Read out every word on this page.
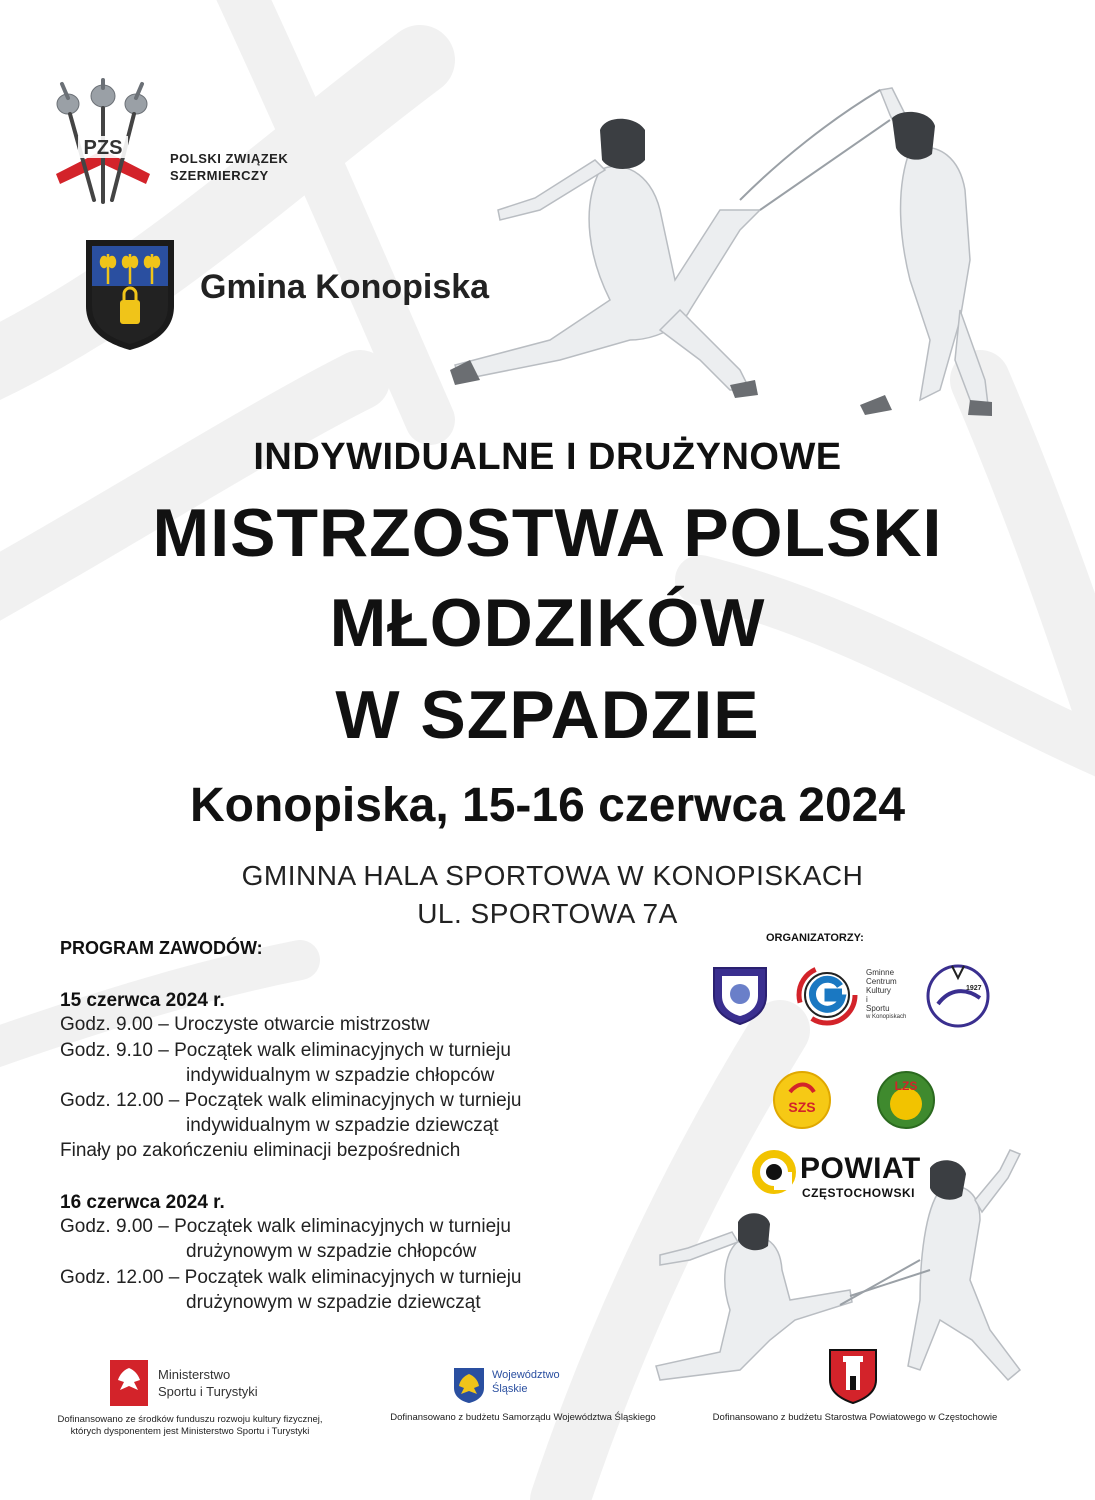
PZS	POLSKI ZWIĄZEK
SZERMIERCZY
Gmina Konopiska
INDYWIDUALNE I DRUŻYNOWE
MISTRZOSTWA POLSKI
MŁODZIKÓW
W SZPADZIE
Konopiska, 15-16 czerwca 2024
GMINNA HALA SPORTOWA W KONOPISKACH
UL. SPORTOWA 7A
PROGRAM ZAWODÓW:
15 czerwca 2024 r.
Godz. 9.00 – Uroczyste otwarcie mistrzostw
Godz. 9.10 – Początek walk eliminacyjnych w turnieju
indywidualnym w szpadzie chłopców
Godz. 12.00 – Początek walk eliminacyjnych w turnieju
indywidualnym w szpadzie dziewcząt
Finały po zakończeniu eliminacji bezpośrednich
16 czerwca 2024 r.
Godz. 9.00 – Początek walk eliminacyjnych w turnieju
drużynowym w szpadzie chłopców
Godz. 12.00 – Początek walk eliminacyjnych w turnieju
drużynowym w szpadzie dziewcząt
ORGANIZATORZY:
Gminne
Centrum
Kultury
i
Sportu
w Konopiskach
1927
SZS
LZS
POWIAT
CZĘSTOCHOWSKI
Ministerstwo
Sportu i Turystyki
Dofinansowano ze środków funduszu rozwoju kultury fizycznej,
których dysponentem jest Ministerstwo Sportu i Turystyki
Województwo
Śląskie
Dofinansowano z budżetu Samorządu Województwa Śląskiego	Dofinansowano z budżetu Starostwa Powiatowego w Częstochowie
